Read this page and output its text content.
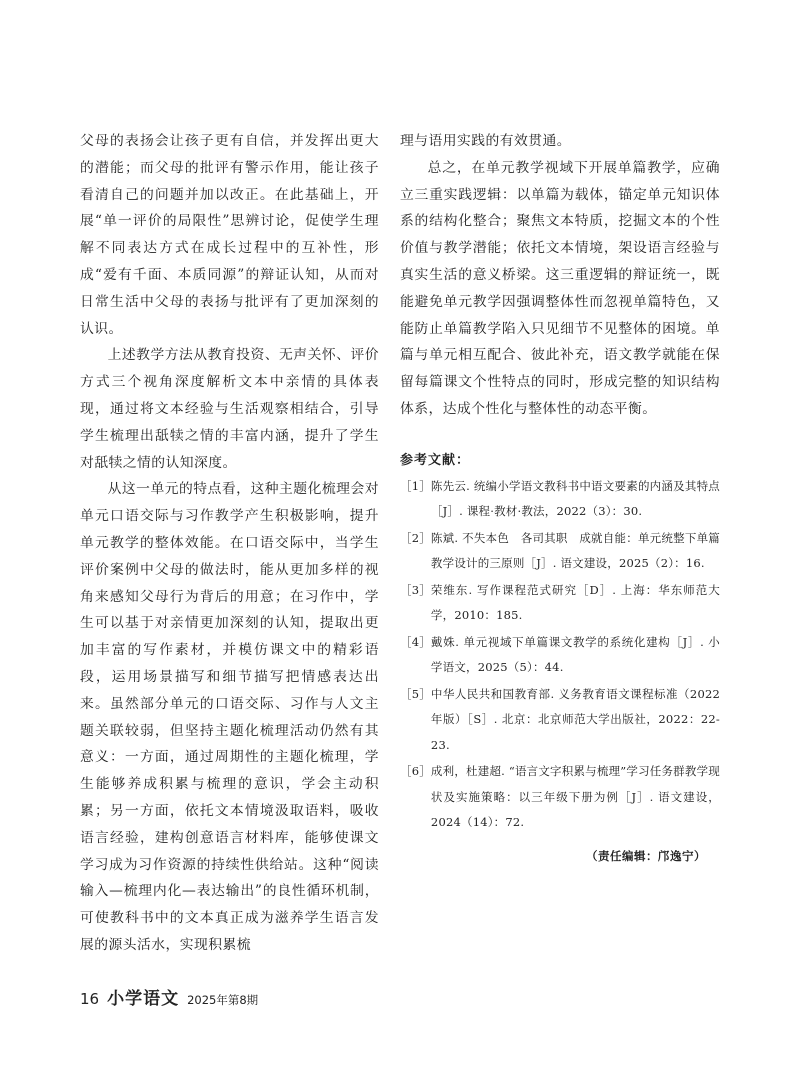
父母的表扬会让孩子更有自信，并发挥出更大的潜能；而父母的批评有警示作用，能让孩子看清自己的问题并加以改正。在此基础上，开展“单一评价的局限性”思辨讨论，促使学生理解不同表达方式在成长过程中的互补性，形成“爱有千面、本质同源”的辩证认知，从而对日常生活中父母的表扬与批评有了更加深刻的认识。

上述教学方法从教育投资、无声关怀、评价方式三个视角深度解析文本中亲情的具体表现，通过将文本经验与生活观察相结合，引导学生梳理出舐犊之情的丰富内涵，提升了学生对舐犊之情的认知深度。

从这一单元的特点看，这种主题化梳理会对单元口语交际与习作教学产生积极影响，提升单元教学的整体效能。在口语交际中，当学生评价案例中父母的做法时，能从更加多样的视角来感知父母行为背后的用意；在习作中，学生可以基于对亲情更加深刻的认知，提取出更加丰富的写作素材，并模仿课文中的精彩语段，运用场景描写和细节描写把情感表达出来。虽然部分单元的口语交际、习作与人文主题关联较弱，但坚持主题化梳理活动仍然有其意义：一方面，通过周期性的主题化梳理，学生能够养成积累与梳理的意识，学会主动积累；另一方面，依托文本情境汲取语料，吸收语言经验，建构创意语言材料库，能够使课文学习成为习作资源的持续性供给站。这种“阅读输入—梳理内化—表达输出”的良性循环机制，可使教科书中的文本真正成为滋养学生语言发展的源头活水，实现积累梳

理与语用实践的有效贯通。

总之，在单元教学视域下开展单篇教学，应确立三重实践逻辑：以单篇为载体，锚定单元知识体系的结构化整合；聚焦文本特质，挖掘文本的个性价值与教学潜能；依托文本情境，架设语言经验与真实生活的意义桥梁。这三重逻辑的辩证统一，既能避免单元教学因强调整体性而忽视单篇特色，又能防止单篇教学陷入只见细节不见整体的困境。单篇与单元相互配合、彼此补充，语文教学就能在保留每篇课文个性特点的同时，形成完整的知识结构体系，达成个性化与整体性的动态平衡。

参考文献：
［1］ 陈先云. 统编小学语文教科书中语文要素的内涵及其特点［J］. 课程·教材·教法，2022（3）：30.
［2］ 陈斌. 不失本色　各司其职　成就自能：单元统整下单篇教学设计的三原则［J］. 语文建设，2025（2）：16.
［3］ 荣维东. 写作课程范式研究［D］. 上海：华东师范大学，2010：185.
［4］ 戴姝. 单元视域下单篇课文教学的系统化建构［J］. 小学语文，2025（5）：44.
［5］ 中华人民共和国教育部. 义务教育语文课程标准（2022年版）［S］. 北京：北京师范大学出版社，2022：22-23.
［6］ 成利，杜建超. “语言文字积累与梳理”学习任务群教学现状及实施策略：以三年级下册为例［J］. 语文建设，2024（14）：72.
（责任编辑：邝逸宁）
16 小学语文 2025年第8期
